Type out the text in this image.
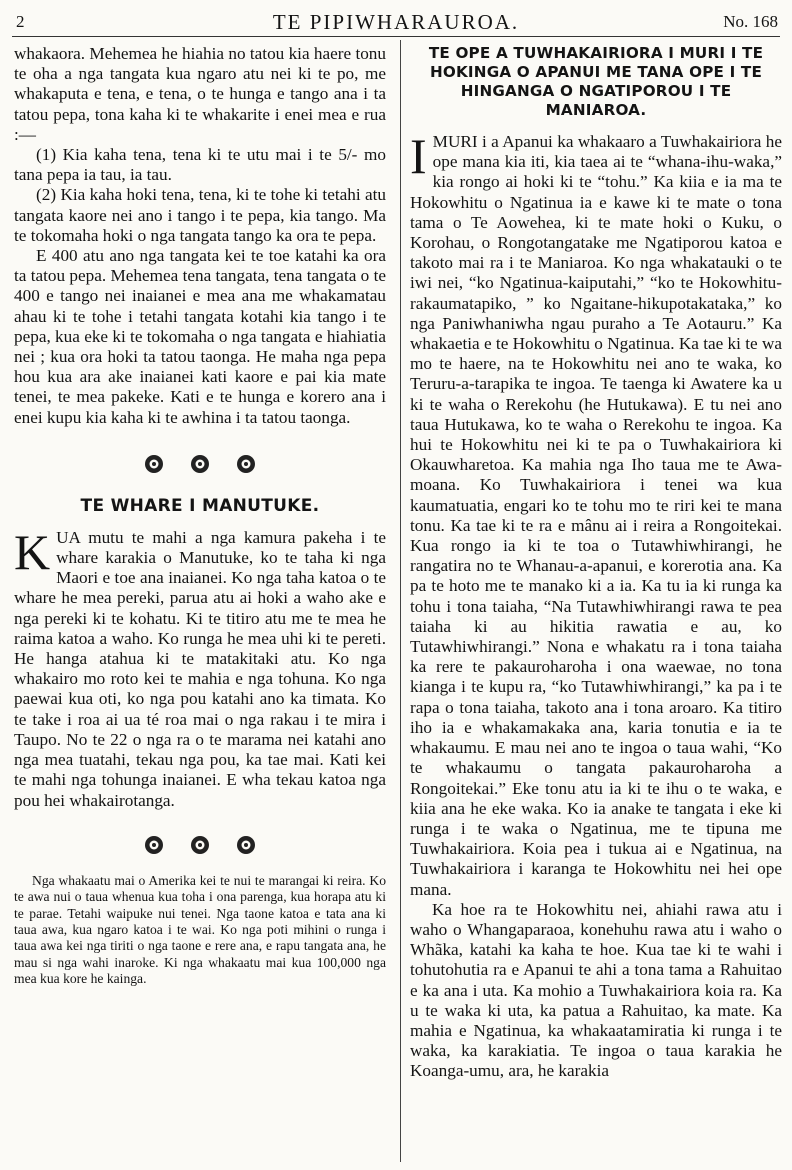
2	TE PIPIWHARAUROA.	No. 168

whakaora. Mehemea he hiahia no tatou kia haere tonu te oha a nga tangata kua ngaro atu nei ki te po, me whakaputa e tena, e tena, o te hunga e tango ana i ta tatou pepa, tona kaha ki te whakarite i enei mea e rua :—

(1) Kia kaha tena, tena ki te utu mai i te 5/- mo tana pepa ia tau, ia tau.

(2) Kia kaha hoki tena, tena, ki te tohe ki tetahi atu tangata kaore nei ano i tango i te pepa, kia tango. Ma te tokomaha hoki o nga tangata tango ka ora te pepa.

E 400 atu ano nga tangata kei te toe katahi ka ora ta tatou pepa. Mehemea tena tangata, tena tangata o te 400 e tango nei inaianei e mea ana me whakamatau ahau ki te tohe i tetahi tangata kotahi kia tango i te pepa, kua eke ki te tokomaha o nga tangata e hiahiatia nei ; kua ora hoki ta tatou taonga. He maha nga pepa hou kua ara ake inaianei kati kaore e pai kia mate tenei, te mea pakeke. Kati e te hunga e korero ana i enei kupu kia kaha ki te awhina i ta tatou taonga.

TE WHARE I MANUTUKE.

KUA mutu te mahi a nga kamura pakeha i te whare karakia o Manutuke, ko te taha ki nga Maori e toe ana inaianei. Ko nga taha katoa o te whare he mea pereki, parua atu ai hoki a waho ake e nga pereki ki te kohatu. Ki te titiro atu me te mea he raima katoa a waho. Ko runga he mea uhi ki te pereti. He hanga atahua ki te matakitaki atu. Ko nga whakairo mo roto kei te mahia e nga tohuna. Ko nga paewai kua oti, ko nga pou katahi ano ka timata. Ko te take i roa ai ua té roa mai o nga rakau i te mira i Taupo. No te 22 o nga ra o te marama nei katahi ano nga mea tuatahi, tekau nga pou, ka tae mai. Kati kei te mahi nga tohunga inaianei. E wha tekau katoa nga pou hei whakairotanga.

Nga whakaatu mai o Amerika kei te nui te marangai ki reira. Ko te awa nui o taua whenua kua toha i ona parenga, kua horapa atu ki te parae. Tetahi waipuke nui tenei. Nga taone katoa e tata ana ki taua awa, kua ngaro katoa i te wai. Ko nga poti mihini o runga i taua awa kei nga tiriti o nga taone e rere ana, e rapu tangata ana, he mau si nga wahi inaroke. Ki nga whakaatu mai kua 100,000 nga mea kua kore he kainga.

TE OPE A TUWHAKAIRIORA I MURI I TE HOKINGA O APANUI ME TANA OPE I TE HINGANGA O NGATIPOROU I TE MANIAROA.

IMURI i a Apanui ka whakaaro a Tuwhakairiora he ope mana kia iti, kia taea ai te “whana-ihu-waka,” kia rongo ai hoki ki te “tohu.” Ka kiia e ia ma te Hokowhitu o Ngatinua ia e kawe ki te mate o tona tama o Te Aowehea, ki te mate hoki o Kuku, o Korohau, o Rongotangatake me Ngatiporou katoa e takoto mai ra i te Maniaroa. Ko nga whakatauki o te iwi nei, “ko Ngatinua-kaiputahi,” “ko te Hokowhitu-rakaumatapiko, ” ko Ngaitane-hikupotakataka,” ko nga Paniwhaniwha ngau puraho a Te Aotauru.” Ka whakaetia e te Hokowhitu o Ngatinua. Ka tae ki te wa mo te haere, na te Hokowhitu nei ano te waka, ko Teruru-a-tarapika te ingoa. Te taenga ki Awatere ka u ki te waha o Rerekohu (he Hutukawa). E tu nei ano taua Hutukawa, ko te waha o Rerekohu te ingoa. Ka hui te Hokowhitu nei ki te pa o Tuwhakairiora ki Okauwharetoa. Ka mahia nga Iho taua me te Awa-moana. Ko Tuwhakairiora i tenei wa kua kaumatuatia, engari ko te tohu mo te riri kei te mana tonu. Ka tae ki te ra e mânu ai i reira a Rongoitekai. Kua rongo ia ki te toa o Tutawhiwhirangi, he rangatira no te Whanau-a-apanui, e korerotia ana. Ka pa te hoto me te manako ki a ia. Ka tu ia ki runga ka tohu i tona taiaha, “Na Tutawhiwhirangi rawa te pea taiaha ki au hikitia rawatia e au, ko Tutawhiwhirangi.” Nona e whakatu ra i tona taiaha ka rere te pakauroharoha i ona waewae, no tona kianga i te kupu ra, “ko Tutawhiwhirangi,” ka pa i te rapa o tona taiaha, takoto ana i tona aroaro. Ka titiro iho ia e whakamakaka ana, karia tonutia e ia te whakaumu. E mau nei ano te ingoa o taua wahi, “Ko te whakaumu o tangata pakauroharoha a Rongoitekai.” Eke tonu atu ia ki te ihu o te waka, e kiia ana he eke waka. Ko ia anake te tangata i eke ki runga i te waka o Ngatinua, me te tipuna me Tuwhakairiora. Koia pea i tukua ai e Ngatinua, na Tuwhakairiora i karanga te Hokowhitu nei hei ope mana.

Ka hoe ra te Hokowhitu nei, ahiahi rawa atu i waho o Whangaparaoa, konehuhu rawa atu i waho o Whãka, katahi ka kaha te hoe. Kua tae ki te wahi i tohutohutia ra e Apanui te ahi a tona tama a Rahuitao e ka ana i uta. Ka mohio a Tuwhakairiora koia ra. Ka u te waka ki uta, ka patua a Rahuitao, ka mate. Ka mahia e Ngatinua, ka whakaatamiratia ki runga i te waka, ka karakiatia. Te ingoa o taua karakia he Koanga-umu, ara, he karakia
